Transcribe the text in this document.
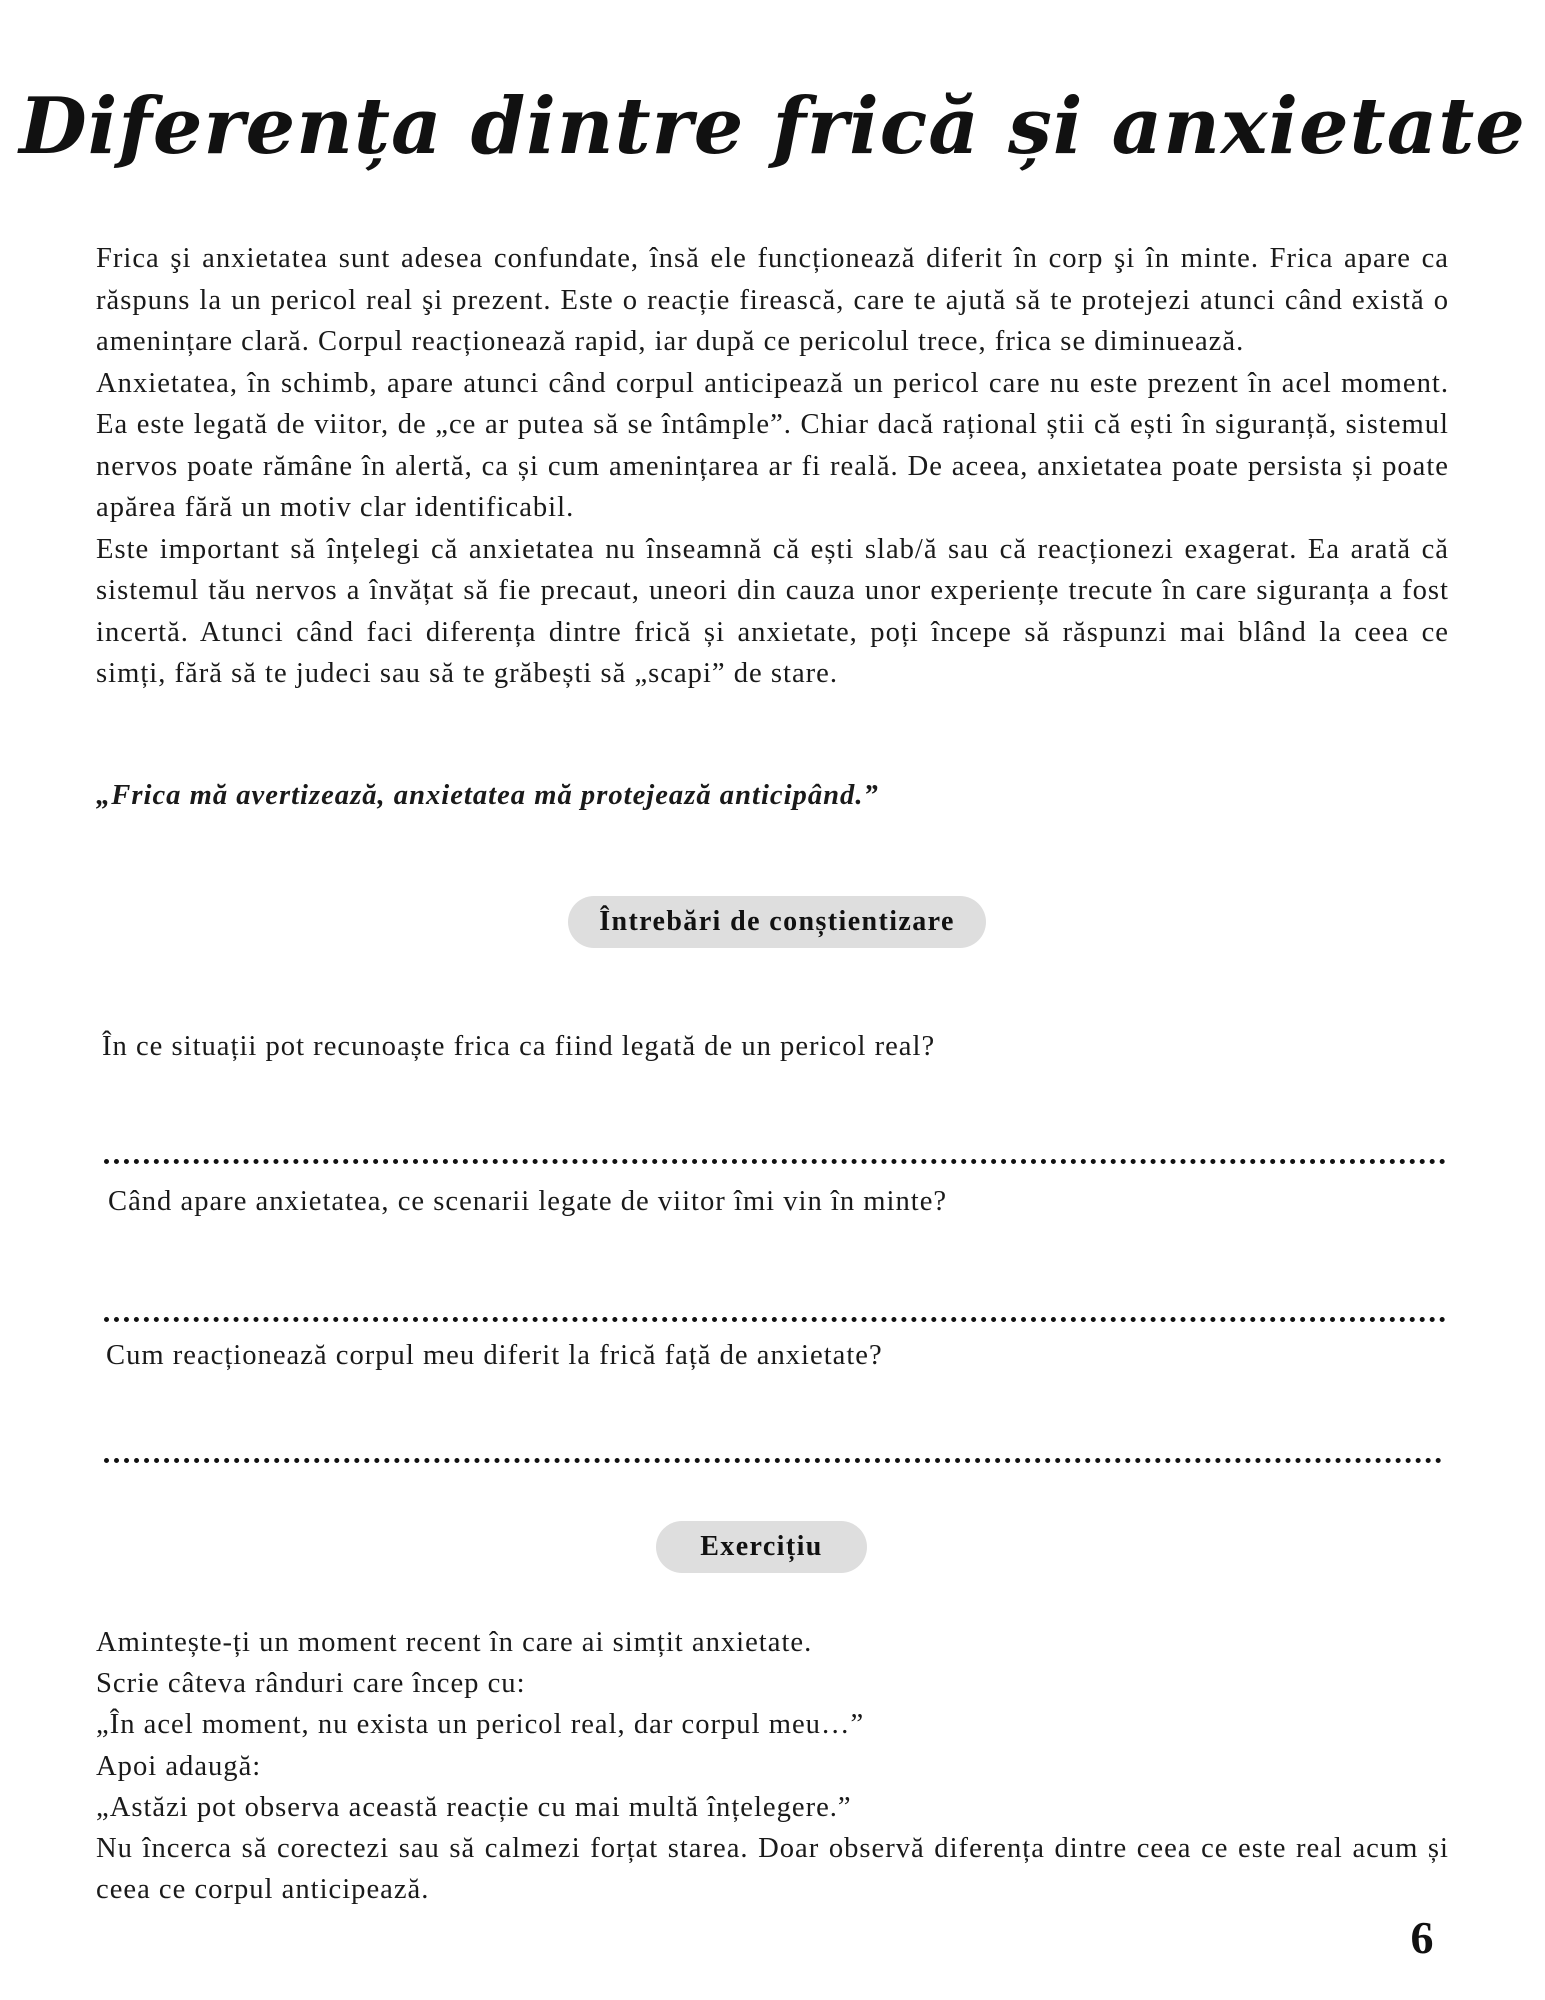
Diferența dintre frică și anxietate

Frica şi anxietatea sunt adesea confundate, însă ele funcționează diferit în corp şi în minte. Frica apare ca răspuns la un pericol real şi prezent. Este o reacție firească, care te ajută să te protejezi atunci când există o amenințare clară. Corpul reacționează rapid, iar după ce pericolul trece, frica se diminuează.

Anxietatea, în schimb, apare atunci când corpul anticipează un pericol care nu este prezent în acel moment. Ea este legată de viitor, de „ce ar putea să se întâmple”. Chiar dacă rațional știi că ești în siguranță, sistemul nervos poate rămâne în alertă, ca și cum amenințarea ar fi reală. De aceea, anxietatea poate persista și poate apărea fără un motiv clar identificabil.

Este important să înțelegi că anxietatea nu înseamnă că ești slab/ă sau că reacționezi exagerat. Ea arată că sistemul tău nervos a învățat să fie precaut, uneori din cauza unor experiențe trecute în care siguranța a fost incertă. Atunci când faci diferența dintre frică și anxietate, poți începe să răspunzi mai blând la ceea ce simți, fără să te judeci sau să te grăbești să „scapi” de stare.

„Frica mă avertizează, anxietatea mă protejează anticipând.”
Întrebări de conștientizare
În ce situații pot recunoaște frica ca fiind legată de un pericol real?
Când apare anxietatea, ce scenarii legate de viitor îmi vin în minte?
Cum reacționează corpul meu diferit la frică față de anxietate?
Exercițiu

Amintește-ți un moment recent în care ai simțit anxietate.

Scrie câteva rânduri care încep cu:

„În acel moment, nu exista un pericol real, dar corpul meu…”

Apoi adaugă:

„Astăzi pot observa această reacție cu mai multă înțelegere.”

Nu încerca să corectezi sau să calmezi forțat starea. Doar observă diferența dintre ceea ce este real acum și ceea ce corpul anticipează.

6
